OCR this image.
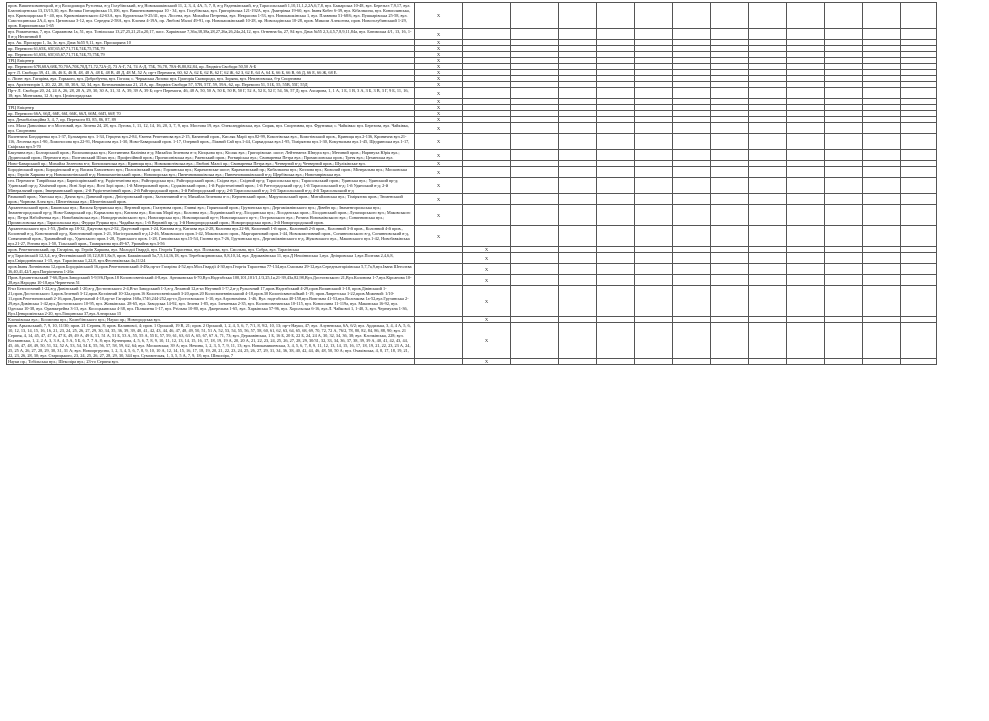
пров. Вишнеховинецкий, в-д Володимира Рутсенка, в-д Голубівський, в-д Новокашківський 11, 2, 3, 4, 4А, 5, 7, 8, в-д Раденківський, в-д Тарасольський 1,10,11,1,2,2А,6,7,8, вул. Бажарська 10-48, вул. Березьєз 7,9,17, вул. Благовіщенська 13,13/15,30, вул. Велика Гончарівська 15,106, вул. Вишнеховинецька 10 - 34, вул. Голубівська, вул. Григорівська 121-192А, вул. Дмитрівка 19-60, вул. Іваня Кобеє 6-39, вул. Кібальчича, вул. Коноплянська, вул. Кривощарська 8 - 40, вул. Кривоніжинського 42-63А, вул. Курганська 9-25/41, вул. Ліссена, вул. Михайла Петренка, вул. Некрасова 1-53, вул. Новокашкінська 1, вул. Плавнова 51-68/6, вул. Пушкарівська 25-58, вул. Самстоцинська 2А,4, вул. Цитовська 3-12, вул. Середня 2-58А, вул. Клочна 4-19А, пр. Любові Малої 49-91, пр. Новокашківський 10-28, пр. Новохадівська 10-28, пров. Миколи Алексеєва, пров. Новоголубинський 1-29, пров. Кирпичанська 1-65	X												
вул. Романченка, 7, вул. Саражнова 1а, 51, вул. Тонільська 13,27,25,21,21а,20,17, пасс. Харківське 7,36а,38,38а,28,27,26а,26,24а,24,12, вул. Огненна 6а, 27, 84 вул. Дача №55 2,3,4,5,7,8,9,11,84а, вул. Батимська 4/1, 13, 16, 1-8 в-д Несвечний 8	X												
вул. Ак. Проскури 1, 3а, 3г, вул. Дача №55 9,11, вул. Проскоряна 10	X												
пр. Перемоги 61,65Б, 65Г,65,67,71,71Б,74Б,75,75Б,79	X												
пр. Перемоги 61,65Б, 65Г,65,67,71,71Б,74Б,75,75Б,79	X												
ТРЦ Епіцентр	X												
пр. Перемоги 67В,68А,68Б,70,70А,70Б,70Д,71,72,72А-Д, 73 А-Г, 74, 74 А-Д, 75Б, 76,78, 78А-В,80,82,84, пр. Людвіга Свободи 50,50 А-Б	X												
пр-т Л. Свободи 39, 41, 46, 46 Б, 46 В, 48, 48 А, 48 Б, 48 В, 48 Д, 48 М, 52 А; пр-т Перемоги, 60, 62 А, 62 Б, 62 В, 62 Г, 62 Ж, 62 З, 62 Е, 64 А, 64 Б, 66 Б, 66 В, 66 Д, 66 Е, 66 Ж, 68 Е.	X												
с. Лісне: вул. Гагаріна, вул. Горького, вул. Добробутна, вул. Гоголя; с. Черкаська Лозова: вул. Григорія Сковороди, вул. Зоряна, вул. Неплюєвська, б-р Спортивна	X												
вул. Архітекторів 1, 20, 22, 28, 30, 30А, 32, 34, вул. Котельниківська 21, 21А, пр. Людвіга Свободи 57, 57В, 57Г, 59, 59А, 62, пр. Перемоги 51, 51Б, 55, 55В, 55Г, 55Д	X												
Пр-т Л. Свободи 20, 24, 24 А, 26, 28, 28 А, 29, 30, 30 А, 31, 31 А, 39, 39 А, 39 Б; пр-т Перемоги, 46, 48 А, 50, 50 А, 50 Б, 50 В, 50 Г, 52 А, 52 Б, 52 Г, 54, 56, 57 Д; вул. Ахсарова, 1, 1 А, 1 Б, 1 В, 3 А, 3 Б, 3 В, 3 Г, 9 Б, 11, 16, 18; вул. Монтажна, 12 А; вул. Целіноградська	X												
	X												
ТРЦ Епіцентр	X												
пр. Перемоги 66А, 66Д, 66Е, 66І, 66К, 66Л, 66М, 66П, 66Р, 70	X												
вул. Демобілізаційна 3, 4, 7, пр. Перемоги 83, 85, 86, 87, 89	X												
сел. Мала Данилівка: в-л Мостовий, вул. Зелена 24, 28, вул. Луговa, 1, 11, 12, 14, 16, 20, 3, 7, 9, вул. Мостова 19, вул. Олександрівська, вул. Сиряк, вул. Спортивна, вул. Фрунзика; с. Чайківка: вул. Березова, вул. Чайківка, вул. Спортивна	X												
Валентина Бондаренка вул.1-37, Бульварна вул. 1-34, Герцена вул.2-84, Євгена Репетинова вул.2-15, Канатний пров., Кисляк Марії вул.82-99, Комотівська вул., Комотівський пров., Криниця вул.2-136, Кринична вул.21-116, Лесенка вул.1-90, Ломоносова вул.22-91, Некрасова вул.1-30, Ново-Баварський пров. 1-17, Озерний пров., Ліжний Сай вул.1-44, Сармадська вул.1-95, Тімірязєва вул.1-30, Комунальна вул.1-45, Щедринська вул.1-17, Скіфська вул.5-70	X												
Бакунина вул.; Болгарський пров.; Волоховицька вул.; Костянтина Калініна в-д; Михайла Зеленова в-л; Кіпцьова вул.; Кісляк вул.; Григорівське. шосе; Лейтенанта Шведєа вул.; Метиний пров.; Нарвнуха Юрія вул.; Дудинський пров.; Перемоги вул.; Полтавський Шлях вул.; Професійний пров.; Пронисонівська вул.; Ржевський пров.; Рогвиріська вул.; Свинаренка Петра вул.; Промисловська пров.; Третя вул.; Цехинська вул.	X												
Ново-Баварський пр.; Михайла Зеленова в-л; Коноплянська вул.; Криниця вул.; Новокомотівська вул.; Любові Малої пр.; Свинаренка Петра вул.; Четвертий в-д; Четвертий пров.; Шуліківське вул.	X												
Бородінський пров.; Бородінський в-д; Василя Базилевого вул.; Полохівський пров.; Горлянська вул.; Карачаєвське шосе; Карачаєвський пр.; Кибальчича вул.; Козлова вул.; Кизилий пров.; Мінеральна вул.; Московська вул.; Героїв Харкова в-д; Новокомотівський в-д; Новокомотівський пров.; Новопирська вул.; Пинечновашківська вул.; Пинечновашківський в-д; Щербівська вул.; Новотаврівська вул.	X												
сел. Перемоги: Таврійська вул.; Барнісарівський в-д; Радіотехнічна вул.; Райгородська вул.; Райгородський пров.; Східна вул.; Східний пр-д; Тарасольська вул.; Тарасольський пров.; Удянська вул.; Удянський пр-д; Удянський пр-д; Хімічний пров.; Ясні Зорі вул.; Ясні Зорі пров.; 1-й Мінеральний пров.; Судаківський пров.; 1-й Радіотехнічний пров.; 1-й Раттоградський пр-д; 1-й Тарасольський в-д; 1-й Удянський в-д; 2-й Мінеральний пров.; Інкерманський пров.; 2-й Радіотехнічний пров.; 2-й Райгородський пров.; 3-й Райгородський пр-д; 2-й Тарасольський в-д; 3-й Тарасольський в-д; 4-й Тарасольський в-д	X												
Рамковий пров.; Ужеська вул.; Дачна вул.; Даничий пров.; Дністровський пров.; Залтанчиний в-л; Михайла Зеленова в-л.; Керченський пров.; Марупольський пров.; Митайловська вул.; Тімірязєва пров.; Тюменський пров.; Чорнова Алея вул.; Шепетівська вул.; Шепетівський пров.	X												
Архангельський пров.; Баковська вул.; Василя Бутрявська вул.; Верзний пров.; Глазунова пров.; Глиняі вул.; Горянський пров.; Грузинська вул.; Дергаміжнівського вул.; Дівейн пр.; Знаменгорольська вул.; Знаменгородський пр-д; Ново-Баварський пр.; Кармалова вул.; Катаєва вул.; Кисляк Марії вул.; Колонна вул.; Лодянівський в-д; Лісодянська вул.; Лісоданська пров.; Лісоданський пров.; Лупачарського вул.; Маковського вул.; Петра Набойченка вул.; Новобавківська вул.; Новодергамівського вул.; Новопирська вул.; Новопирський пр-т; Новопирського пр-т.; Остромського вул.; Ротина Новомаівського вул.; Сонинновська вул.; Промисловська вул.; Тарасольська вул.; Федора Руцяка вул.; Чадайка вул.; 1-й Верхній пр.-д; 1-й Новоргородський пров.; Новоргородська пров.; 3-й Новоргородський пров.	X												
Архангельського вул.1-53, Дівйн пр.18-32, Джутова вул.2-52, Джутовий пров.1-24, Катаєва в-д, Катаєва вул.2-28, Колонна вул.22-66, Колонний 1-й пров., Колонний 2-й пров., Колонний 3-й пров., Колонний 4-й пров., Колонний в-д, Конотимний пр-д, Конотимний пров.1-21, Магістральний в-д.12-46, Маковського пров.1-42, Маковського пров., Маргариновий пров.1-44, Новокомотивний пров., Сонинновського в-д, Сонинновський в-д, Соняничний пров., Трамвайний пр., Удянського пров.1-28, Удянського пров. 1-28, Ганшівська вул.15-54, Глинна вул.7-26, Грузинська вул., Дергаміжнівського в-д, Жуковського вул., Маковського вул.1-42, Новобавківська вул.21-27, Ротина вул.1-50, Тільський пров., Тимирязєва вул.49-67, Уровайна вул.3-56	X												
пров. Репетиновський, пр. Гагаріна, пр. Героїв Харкова, вул. Молодої Гвардії, вул. Георгія Тарасенка, вул. Полькова, вул. Смольна, вул. Собра, вул. Тарасівська		X											
в-д Тарасівській 12,3,4, в-д Фесенківський 10,12,8,8/1,8а,9, пров. Бажківський 5а,7,5,14,16,18, вул. Теребокорновська, 8,8,10,14, вул. Державінська 11, вул.Д Нешінвлська 1,вул. Дніпровська 1,вул.Полтава 2,4,6,8, вул.Свіридонівська 1-15, вул. Тарасівська 1,22,8, вул.Фесенківська 4а,11/24		X											
пров.Іваня Лонніновна 12,пров.Бородківський 16,пров.Репетиновський 4-48а,пр-кт Гагаріна 4-52,вул.Мол.Гвардії 4-30,вул.Георгія Тарасенка 77-134,вул.Смольна 29-12,вул.Середньотарілівська 5,7,7а,9,вул.Івана Шеголєва 36,40,41,42/1,вул.Пагріотична 1-26а		X											
Пров.Архангельський 7-66,Пров.Заводський 5-9,9/6,Пров.18 Колоносвеніський 4-8,вул. Артиковська 6-70,Вул.Надтабська 100,101,101/1,1/3,25,1я,21-39,43а,82,98,Вул.Достоєвського 21,Вул.Колонова 1-7,вул.Кірсанова 10-28,вул.Народна 10-18,вул.Чернетчна 51		X											
В-кз Безпогочний 1-22,в-д Дивінський 1-20,в-д Достоєвського 2-4,В-кз Заводський 1-3,в-д Леланий 12,в-кз Неучний 1-7/,2,в-д Рульочний 17,пров.Надтабський 4-29,пров.Волянський 1-18, пров.Дівінський 1-21,пров.Достоєвського 3,пров.Зелений 3-12,пров.Козлівний 10-32а,пров.16 Колоносвеніський 3-20,пров.20 Колосвачевнівськиий 4-18,пров.30 Колонісваческйкий 1-19, пров.Лавретська 1-22,пров.Можевий: 1/10-11,пров.Репетиновський 2-16,пров.Джерельний 4-10,пр-кт Гагаріна 168а,174б,244-252,пр-гл Достоєвського 1-10, вул.Агрономічна. 1-46, Вул. надтабська 40-158,вул.Вовгльна 41-53,вул.Волочкова 1а-52,вул.Грузинська 2-29,вул.Дивінська 1-42,вул.Достоєвського 10-95, вул. Жовківська. 28-65, вул. Заводська 14-92, вул. Зелена 1-85, вул. Ілеменька 2-35, вул. Колоносвенанська 10-115, вул. Коноплина 11-119а, вул. Маковська 16-92, вул. Одеська 10-38, вул. Оранжерейна 3-13, вул. Косоцькивська 4-38, вул. Пільчиеня 1-17, вул. Ртільна 10-80, вул. Джерельна 1-65, вул. Харківська 57-96, вул. Хорольська 6-16, вул.Л. Чайкової 1, 1-40, 3, вул. Черемухна 1-36, Вул.Ценкромінська 2-20, вул.Ліпцинська 37,вул.Алтирська 15		X											
Клочківська вул.; Космична вул.; Колюбінського вул.; Науки пр.; Новгородська вул.		X											
пров. Арыльський, 7, 9, 10, 11/30; пров. 21 Серпня, 8; пров. Калинової, 4; пров. 1 Орський, 19 В, 21; пров. 2 Орський, 1, 2, 4, 5, 6, 7, 7/1, 8, 9/2, 10, 13; пр-т Науки, 47; вул. Алуневська, 6А, 6/2; вул. Ардилька, 3, 4, 4 А, 5, 6, 10, 12, 13, 14, 15, 16, 16, 21, 23, 24, 25, 26, 27, 29, 30, 34, 35, 36, 39, 39, 40, 41, 42, 43, 44, 46, 47, 48, 49, 50, 51, 51 А, 52, 53, 54, 55, 56, 57, 58, 60, 61, 62, 63, 64, 65, 68, 69, 70, 72, 72 А, 76/2, 78, 80, 82, 84, 86, 88, 90; вул. 21 Серпня, 4, 14, 45, 47, 47 А, 47 Б, 49, 49 А, 49 Б, 51, 51 А, 51 Б, 53 А, 55, 55 А, 55 Б, 57, 59, 61, 63, 63 А, 65, 67, 67 А, 71, 73; вул. Державінська, 1 Б, 16 Б, 20 Б, 22 Б, 24, 24 А, 30, 32, 34, 36, 38; вул. Клочківська, 228; вул. Косминська, 1, 2, 2 А, 3, 3 А, 4, 5 А, 5 Б, 6, 7, 7 А, 8; вул. Кузнецова, 4, 5, 6, 7, 8, 9, 10, 11, 12, 13, 14, 15, 16, 17, 18, 19, 19 А, 20, 20 А, 21, 22, 23, 24, 25, 26, 27, 28, 29, 30/31, 32, 33, 34, 36, 37, 38, 39, 39 А, 40, 41, 42, 43, 44, 45, 46, 47, 48, 49, 50, 51, 52, 52 А, 53, 54, 54 Б, 55, 56, 57, 58, 59, 62, 64; вул. Московська; 39 А; вул. Нечина, 1, 2, 3, 5, 7, 9, 11, 13; вул. Новокамишевська, 3, 4, 5, 6, 7, 8, 9, 11, 12, 13, 14, 15, 16, 17, 18, 19, 21, 22, 23, 23 А, 24, 25, 25 А, 26, 27, 28, 29, 30, 31, 31 А; вул. Новооргрупна, 1, 2, 3, 4, 5, 6, 7, 8, 9, 10, 10 А, 12, 14, 15, 16, 17, 18, 19, 20, 21, 22, 23, 24, 25, 26, 27, 29, 31, 34, 36, 38, 40, 42, 44, 46, 48, 50, 50 А; вул. Очаківська, 4, 8, 17, 18, 19, 21, 22, 23, 26, 28, 30; вул. Старицького, 23, 24, 25, 26, 27, 28, 29, 30, 344 вул. Сумгаитская, 1, 3, 5, 5 А, 7, 9, 18; вул. Шекспіра, 7		X											
Науки пр.; Тобільська вул.; Шекспіра вул.; 23-го Серпня вул.		X											
